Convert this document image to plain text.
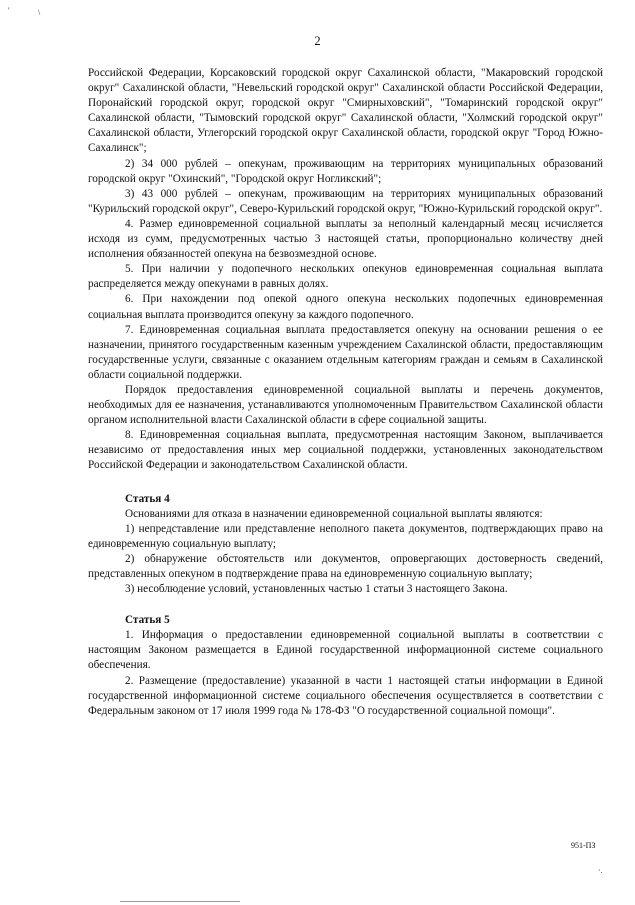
'	\
2

Российской Федерации, Корсаковский городской округ Сахалинской области, "Макаровский городской округ" Сахалинской области, "Невельский городской округ" Сахалинской области Российской Федерации, Поронайский городской округ, городской округ "Смирныховский", "Томаринский городской округ" Сахалинской области, "Тымовский городской округ" Сахалинской области, "Холмский городской округ" Сахалинской области, Углегорский городской округ Сахалинской области, городской округ "Город Южно-Сахалинск";

2) 34 000 рублей – опекунам, проживающим на территориях муниципальных образований городской округ "Охинский", "Городской округ Ногликский";

3) 43 000 рублей – опекунам, проживающим на территориях муниципальных образований "Курильский городской округ", Северо-Курильский городской округ, "Южно-Курильский городской округ".

4. Размер единовременной социальной выплаты за неполный календарный месяц исчисляется исходя из сумм, предусмотренных частью 3 настоящей статьи, пропорционально количеству дней исполнения обязанностей опекуна на безвозмездной основе.

5. При наличии у подопечного нескольких опекунов единовременная социальная выплата распределяется между опекунами в равных долях.

6. При нахождении под опекой одного опекуна нескольких подопечных единовременная социальная выплата производится опекуну за каждого подопечного.

7. Единовременная социальная выплата предоставляется опекуну на основании решения о ее назначении, принятого государственным казенным учреждением Сахалинской области, предоставляющим государственные услуги, связанные с оказанием отдельным категориям граждан и семьям в Сахалинской области социальной поддержки.

Порядок предоставления единовременной социальной выплаты и перечень документов, необходимых для ее назначения, устанавливаются уполномоченным Правительством Сахалинской области органом исполнительной власти Сахалинской области в сфере социальной защиты.

8. Единовременная социальная выплата, предусмотренная настоящим Законом, выплачивается независимо от предоставления иных мер социальной поддержки, установленных законодательством Российской Федерации и законодательством Сахалинской области.

Статья 4

Основаниями для отказа в назначении единовременной социальной выплаты являются:

1) непредставление или представление неполного пакета документов, подтверждающих право на единовременную социальную выплату;

2) обнаружение обстоятельств или документов, опровергающих достоверность сведений, представленных опекуном в подтверждение права на единовременную социальную выплату;

3) несоблюдение условий, установленных частью 1 статьи 3 настоящего Закона.

Статья 5

1. Информация о предоставлении единовременной социальной выплаты в соответствии с настоящим Законом размещается в Единой государственной информационной системе социального обеспечения.

2. Размещение (предоставление) указанной в части 1 настоящей статьи информации в Единой государственной информационной системе социального обеспечения осуществляется в соответствии с Федеральным законом от 17 июля 1999 года № 178-ФЗ "О государственной социальной помощи".

951-ПЗ
·.
